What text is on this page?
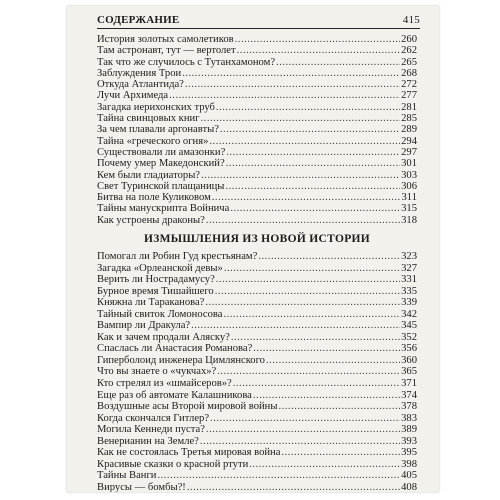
СОДЕРЖАНИЕ	415
История золотых самолетиков .....	260
Там астронавт, тут — вертолет .....	262
Так что же случилось с Тутанхамоном? .....	265
Заблуждения Трои .....	268
Откуда Атлантида? .....	272
Лучи Архимеда .....	277
Загадка иерихонских труб .....	281
Тайна свинцовых книг .....	285
За чем плавали аргонавты? .....	289
Тайна «греческого огня» .....	294
Существовали ли амазонки? .....	297
Почему умер Македонский? .....	301
Кем были гладиаторы? .....	303
Свет Туринской плащаницы .....	306
Битва на поле Куликовом .....	311
Тайны манускрипта Войнича .....	315
Как устроены драконы? .....	318
ИЗМЫШЛЕНИЯ ИЗ НОВОЙ ИСТОРИИ
Помогал ли Робин Гуд крестьянам? .....	323
Загадка «Орлеанской девы» .....	327
Верить ли Нострадамусу? .....	331
Бурное время Тишайшего .....	335
Княжна ли Тараканова? .....	339
Тайный свиток Ломоносова .....	342
Вампир ли Дракула? .....	345
Как и зачем продали Аляску? .....	352
Спаслась ли Анастасия Романова? .....	356
Гиперболоид инженера Цимлянского .....	360
Что вы знаете о «чукчах»? .....	365
Кто стрелял из «шмайсеров»? .....	371
Еще раз об автомате Калашникова .....	374
Воздушные асы Второй мировой войны .....	378
Когда скончался Гитлер? .....	383
Могила Кеннеди пуста? .....	389
Венерианин на Земле? .....	393
Как не состоялась Третья мировая война .....	395
Красивые сказки о красной ртути .....	398
Тайны Ванги .....	405
Вирусы — бомбы?! .....	408
